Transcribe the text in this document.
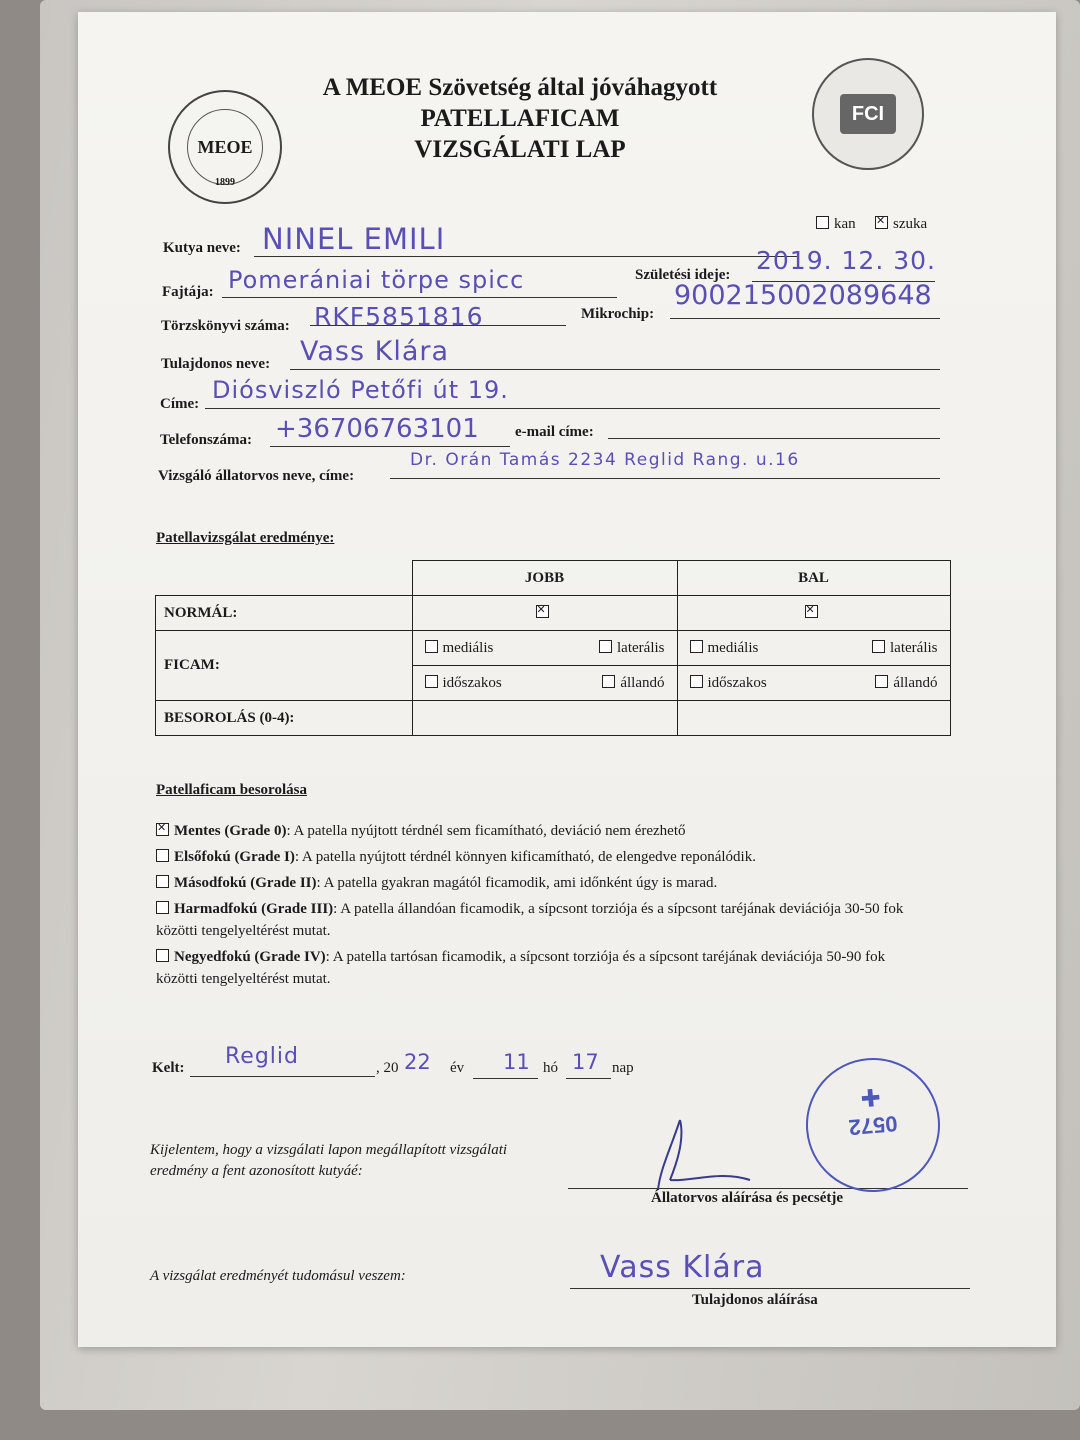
MEOE
1899
FCI
A MEOE Szövetség által jóváhagyott
PATELLAFICAM
VIZSGÁLATI LAP
Kutya neve: NINEL EMILI	kan ✕	szuka
Fajtája: Pomerániai törpe spicc	Születési ideje: 2019. 12. 30.
Törzskönyvi száma: RKF5851816	Mikrochip:
900215002089648
Tulajdonos neve: Vass Klára
Címe: Diósviszló Petőfi út 19.
Telefonszáma: +36706763101 e-mail címe:
Vizsgáló állatorvos neve, címe:
Dr. Orán Tamás 2234 Reglid Rang. u.16
Patellavizsgálat eredménye:
	JOBB	BAL
NORMÁL:	✕	✕
FICAM:	mediális laterális	mediális laterális

	időszakos állandó	időszakos állandó

BESOROLÁS (0-4):		
Patellaficam besorolása
✕Mentes (Grade 0): A patella nyújtott térdnél sem ficamítható, deviáció nem érezhető
Elsőfokú (Grade I): A patella nyújtott térdnél könnyen kificamítható, de elengedve reponálódik.
Másodfokú (Grade II): A patella gyakran magától ficamodik, ami időnként úgy is marad.
Harmadfokú (Grade III): A patella állandóan ficamodik, a sípcsont torziója és a sípcsont taréjának deviációja 30-50 fok közötti tengelyeltérést mutat.
Negyedfokú (Grade IV): A patella tartósan ficamodik, a sípcsont torziója és a sípcsont taréjának deviációja 50-90 fok közötti tengelyeltérést mutat.
Kelt: Reglid	, 20 22 év 11 hó 17 nap
Kijelentem, hogy a vizsgálati lapon megállapított vizsgálati eredmény a fent azonosított kutyáé:
Állatorvos aláírása és pecsétje
0572
✚
A vizsgálat eredményét tudomásul veszem:	Vass Klára
Tulajdonos aláírása
